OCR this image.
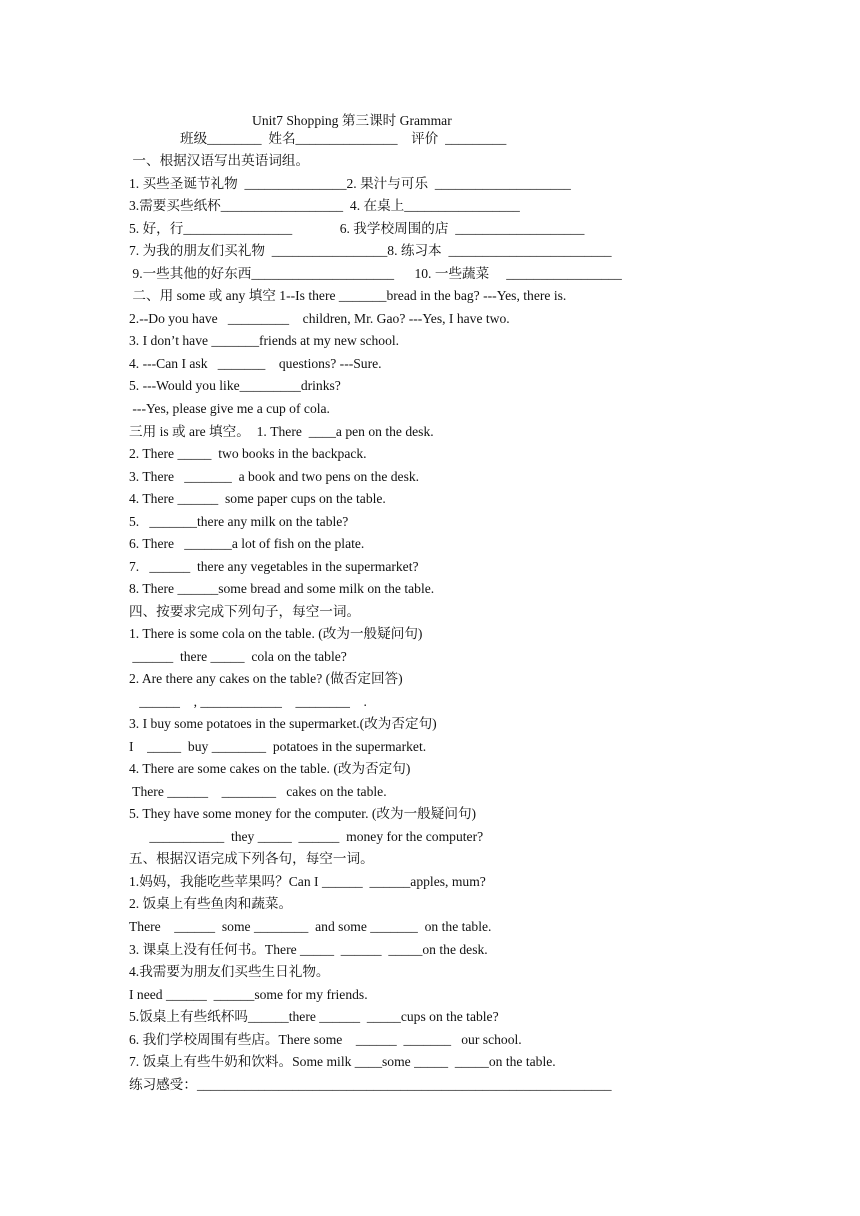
Unit7 Shopping 第三课时 Grammar
班级________  姓名_______________    评价  _________
一、根据汉语写出英语词组。
1. 买些圣诞节礼物  _______________2. 果汁与可乐  ____________________
3.需要买些纸杯__________________  4. 在桌上_________________
5. 好，行________________              6. 我学校周围的店  ___________________
7. 为我的朋友们买礼物  _________________8. 练习本  ________________________
9.一些其他的好东西_____________________      10. 一些蔬菜     _________________
二、用 some 或 any 填空 1--Is there _______bread in the bag? ---Yes, there is.
2.--Do you have   _________    children, Mr. Gao? ---Yes, I have two.
3. I don’t have _______friends at my new school.
4. ---Can I ask   _______    questions? ---Sure.
5. ---Would you like_________drinks?
---Yes, please give me a cup of cola.
三用 is 或 are 填空。  1. There  ____a pen on the desk.
2. There _____  two books in the backpack.
3. There   _______  a book and two pens on the desk.
4. There ______  some paper cups on the table.
5.   _______there any milk on the table?
6. There   _______a lot of fish on the plate.
7.   ______  there any vegetables in the supermarket?
8. There ______some bread and some milk on the table.
四、按要求完成下列句子，每空一词。
1. There is some cola on the table. (改为一般疑问句)
______  there _____  cola on the table?
2. Are there any cakes on the table? (做否定回答)
______    , ____________    ________    .
3. I buy some potatoes in the supermarket.(改为否定句)
I    _____  buy ________  potatoes in the supermarket.
4. There are some cakes on the table. (改为否定句)
There ______    ________   cakes on the table.
5. They have some money for the computer. (改为一般疑问句)
___________  they _____  ______  money for the computer?
五、根据汉语完成下列各句，每空一词。
1.妈妈，我能吃些苹果吗？Can I ______  ______apples, mum?
2. 饭桌上有些鱼肉和蔬菜。
There    ______  some ________  and some _______  on the table.
3. 课桌上没有任何书。There _____  ______  _____on the desk.
4.我需要为朋友们买些生日礼物。
I need ______  ______some for my friends.
5.饭桌上有些纸杯吗______there ______  _____cups on the table?
6. 我们学校周围有些店。There some    ______  _______   our school.
7. 饭桌上有些牛奶和饮料。Some milk ____some _____  _____on the table.
练习感受：_____________________________________________________________
